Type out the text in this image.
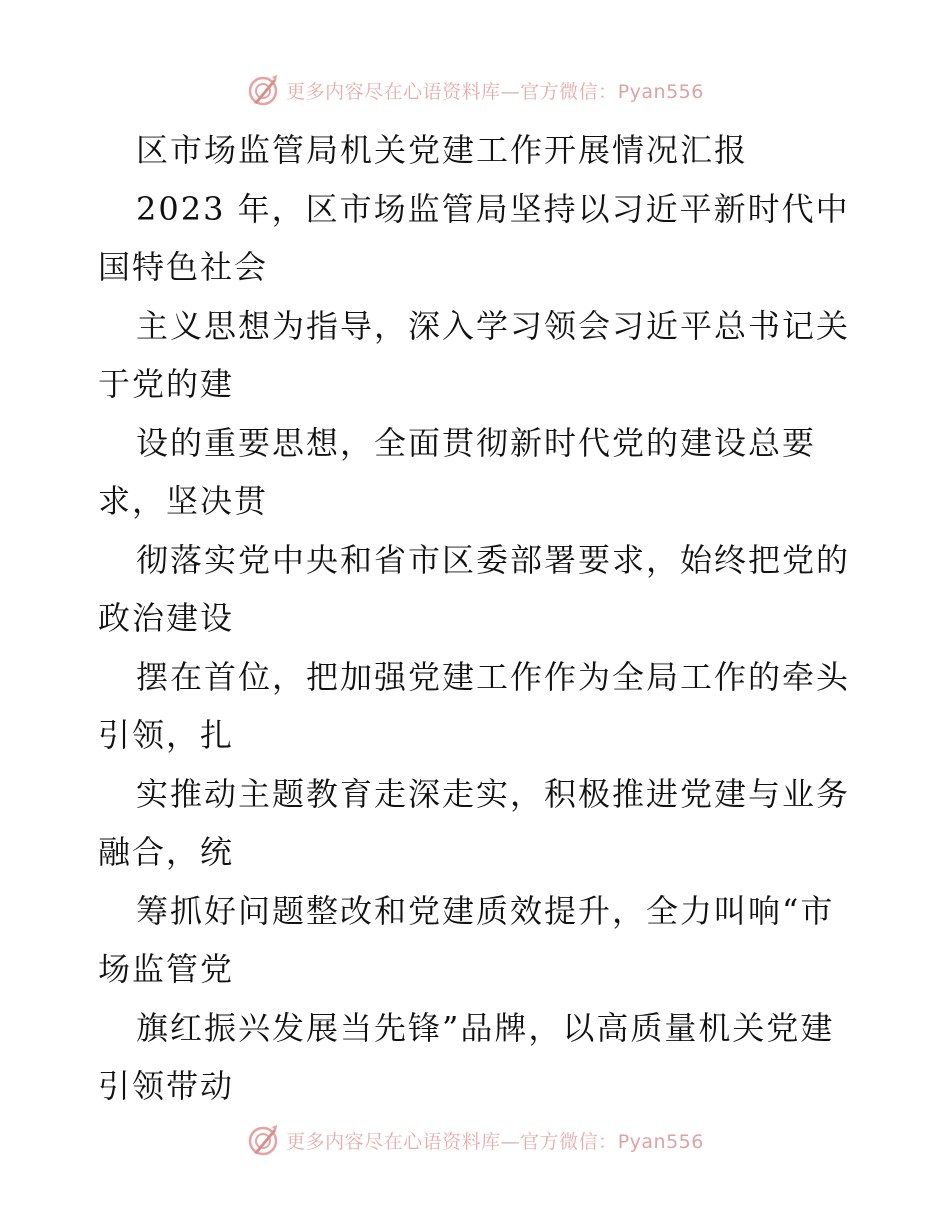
更多内容尽在心语资料库—官方微信：Pyan556
区市场监管局机关党建工作开展情况汇报
2023 年，区市场监管局坚持以习近平新时代中
国特色社会
主义思想为指导，深入学习领会习近平总书记关
于党的建
设的重要思想，全面贯彻新时代党的建设总要
求，坚决贯
彻落实党中央和省市区委部署要求，始终把党的
政治建设
摆在首位，把加强党建工作作为全局工作的牵头
引领，扎
实推动主题教育走深走实，积极推进党建与业务
融合，统
筹抓好问题整改和党建质效提升，全力叫响“市
场监管党
旗红振兴发展当先锋”品牌，以高质量机关党建
引领带动
更多内容尽在心语资料库—官方微信：Pyan556
